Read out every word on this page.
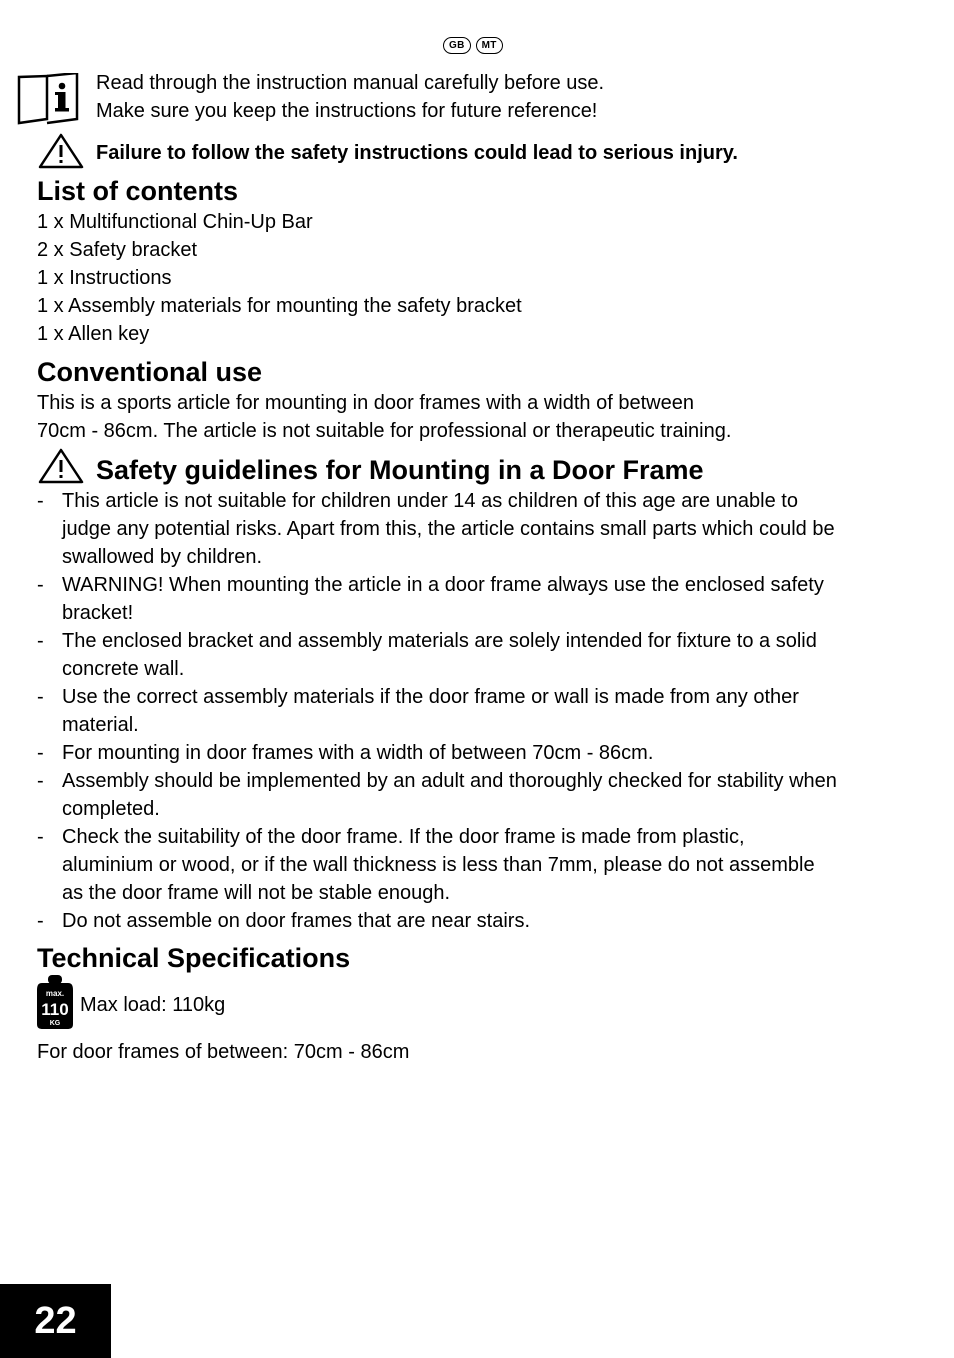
GB	MT
Read through the instruction manual carefully before use.
Make sure you keep the instructions for future reference!
Failure to follow the safety instructions could lead to serious injury.
List of contents
1 x Multifunctional Chin-Up Bar
2 x Safety bracket
1 x Instructions
1 x Assembly materials for mounting the safety bracket
1 x Allen key
Conventional use
This is a sports article for mounting in door frames with a width of between
70cm - 86cm. The article is not suitable for professional or therapeutic training.
Safety guidelines for Mounting in a Door Frame
- This article is not suitable for children under 14 as children of this age are unable to judge any potential risks. Apart from this, the article contains small parts which could be swallowed by children.
- WARNING! When mounting the article in a door frame always use the enclosed safety bracket!
- The enclosed bracket and assembly materials are solely intended for fixture to a solid concrete wall.
- Use the correct assembly materials if the door frame or wall is made from any other material.
- For mounting in door frames with a width of between 70cm - 86cm.
- Assembly should be implemented by an adult and thoroughly checked for stability when completed.
- Check the suitability of the door frame. If the door frame is made from plastic, aluminium or wood, or if the wall thickness is less than 7mm, please do not assemble as the door frame will not be stable enough.
- Do not assemble on door frames that are near stairs.
Technical Specifications
max.
110
KG
Max load: 110kg
For door frames of between: 70cm - 86cm
22
